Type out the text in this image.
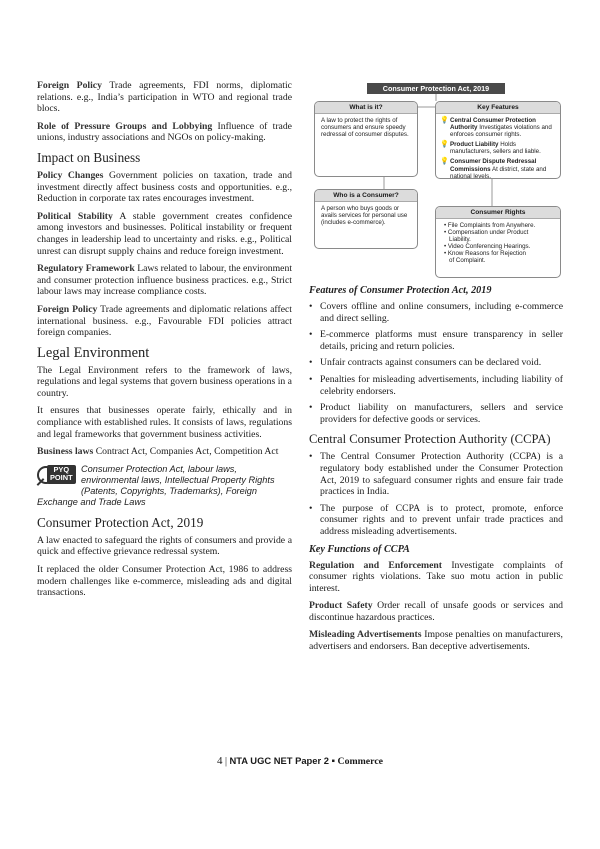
Foreign Policy Trade agreements, FDI norms, diplomatic relations. e.g., India’s participation in WTO and regional trade blocs.

Role of Pressure Groups and Lobbying Influence of trade unions, industry associations and NGOs on policy-making.

Impact on Business

Policy Changes Government policies on taxation, trade and investment directly affect business costs and opportunities. e.g., Reduction in corporate tax rates encourages investment.

Political Stability A stable government creates confidence among investors and businesses. Political instability or frequent changes in leadership lead to uncertainty and risks. e.g., Political unrest can disrupt supply chains and reduce foreign investment.

Regulatory Framework Laws related to labour, the environment and consumer protection influence business practices. e.g., Strict labour laws may increase compliance costs.

Foreign Policy Trade agreements and diplomatic relations affect international business. e.g., Favourable FDI policies attract foreign companies.

Legal Environment

The Legal Environment refers to the framework of laws, regulations and legal systems that govern business operations in a country.

It ensures that businesses operate fairly, ethically and in compliance with established rules. It consists of laws, regulations and legal frameworks that government business activities.

Business laws Contract Act, Companies Act, Competition Act

PYQ
POINT
Consumer Protection Act, labour laws,
environmental laws, Intellectual Property Rights
(Patents, Copyrights, Trademarks), Foreign
Exchange and Trade Laws
Consumer Protection Act, 2019

A law enacted to safeguard the rights of consumers and provide a quick and effective grievance redressal system.

It replaced the older Consumer Protection Act, 1986 to address modern challenges like e-commerce, misleading ads and digital transactions.

Consumer Protection Act, 2019
What is it?
A law to protect the rights of consumers and ensure speedy redressal of consumer disputes.
Key Features
💡 Central Consumer Protection Authority Investigates violations and enforces consumer rights.
💡 Product Liability Holds manufacturers, sellers and liable.
💡 Consumer Dispute Redressal Commissions At district, state and national levels.
Who is a Consumer?
A person who buys goods or avails services for personal use (includes e-commerce).
Consumer Rights
• File Complaints from Anywhere.
• Compensation under Product
Liability.
• Video Conferencing Hearings.
• Know Reasons for Rejection
of Complaint.
Features of Consumer Protection Act, 2019
• Covers offline and online consumers, including e-commerce and direct selling.
• E-commerce platforms must ensure transparency in seller details, pricing and return policies.
• Unfair contracts against consumers can be declared void.
• Penalties for misleading advertisements, including liability of celebrity endorsers.
• Product liability on manufacturers, sellers and service providers for defective goods or services.
Central Consumer Protection Authority (CCPA)
• The Central Consumer Protection Authority (CCPA) is a regulatory body established under the Consumer Protection Act, 2019 to safeguard consumer rights and ensure fair trade practices in India.
• The purpose of CCPA is to protect, promote, enforce consumer rights and to prevent unfair trade practices and address misleading advertisements.
Key Functions of CCPA

Regulation and Enforcement Investigate complaints of consumer rights violations. Take suo motu action in public interest.

Product Safety Order recall of unsafe goods or services and discontinue hazardous practices.

Misleading Advertisements Impose penalties on manufacturers, advertisers and endorsers. Ban deceptive advertisements.

4 | NTA UGC NET Paper 2 ▪ Commerce
